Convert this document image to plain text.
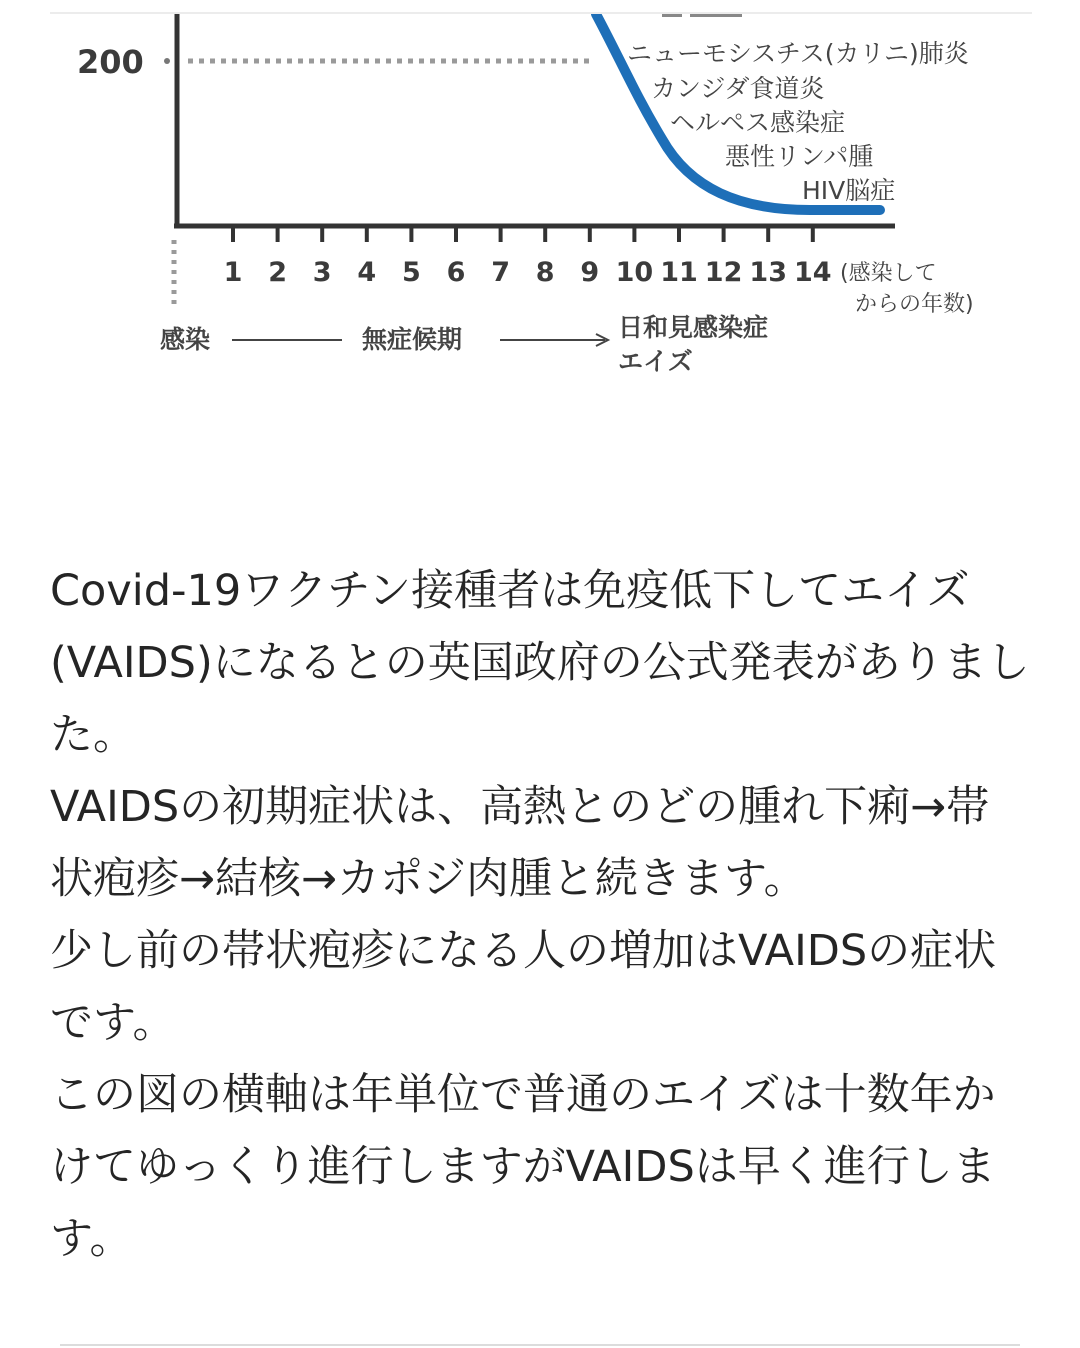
200
1 2 3 4 5 6 7 8 9 10 11 12 13 14 (感染して
からの年数)
ニューモシスチス(カリニ)肺炎
カンジダ食道炎
ヘルペス感染症
悪性リンパ腫
HIV脳症
感染	無症候期	日和見感染症
エイズ

Covid-19ワクチン接種者は免疫低下してエイズ(VAIDS)になるとの英国政府の公式発表がありました。

VAIDSの初期症状は、高熱とのどの腫れ下痢→帯状疱疹→結核→カポジ肉腫と続きます。

少し前の帯状疱疹になる人の増加はVAIDSの症状です。

この図の横軸は年単位で普通のエイズは十数年かけてゆっくり進行しますがVAIDSは早く進行します。
